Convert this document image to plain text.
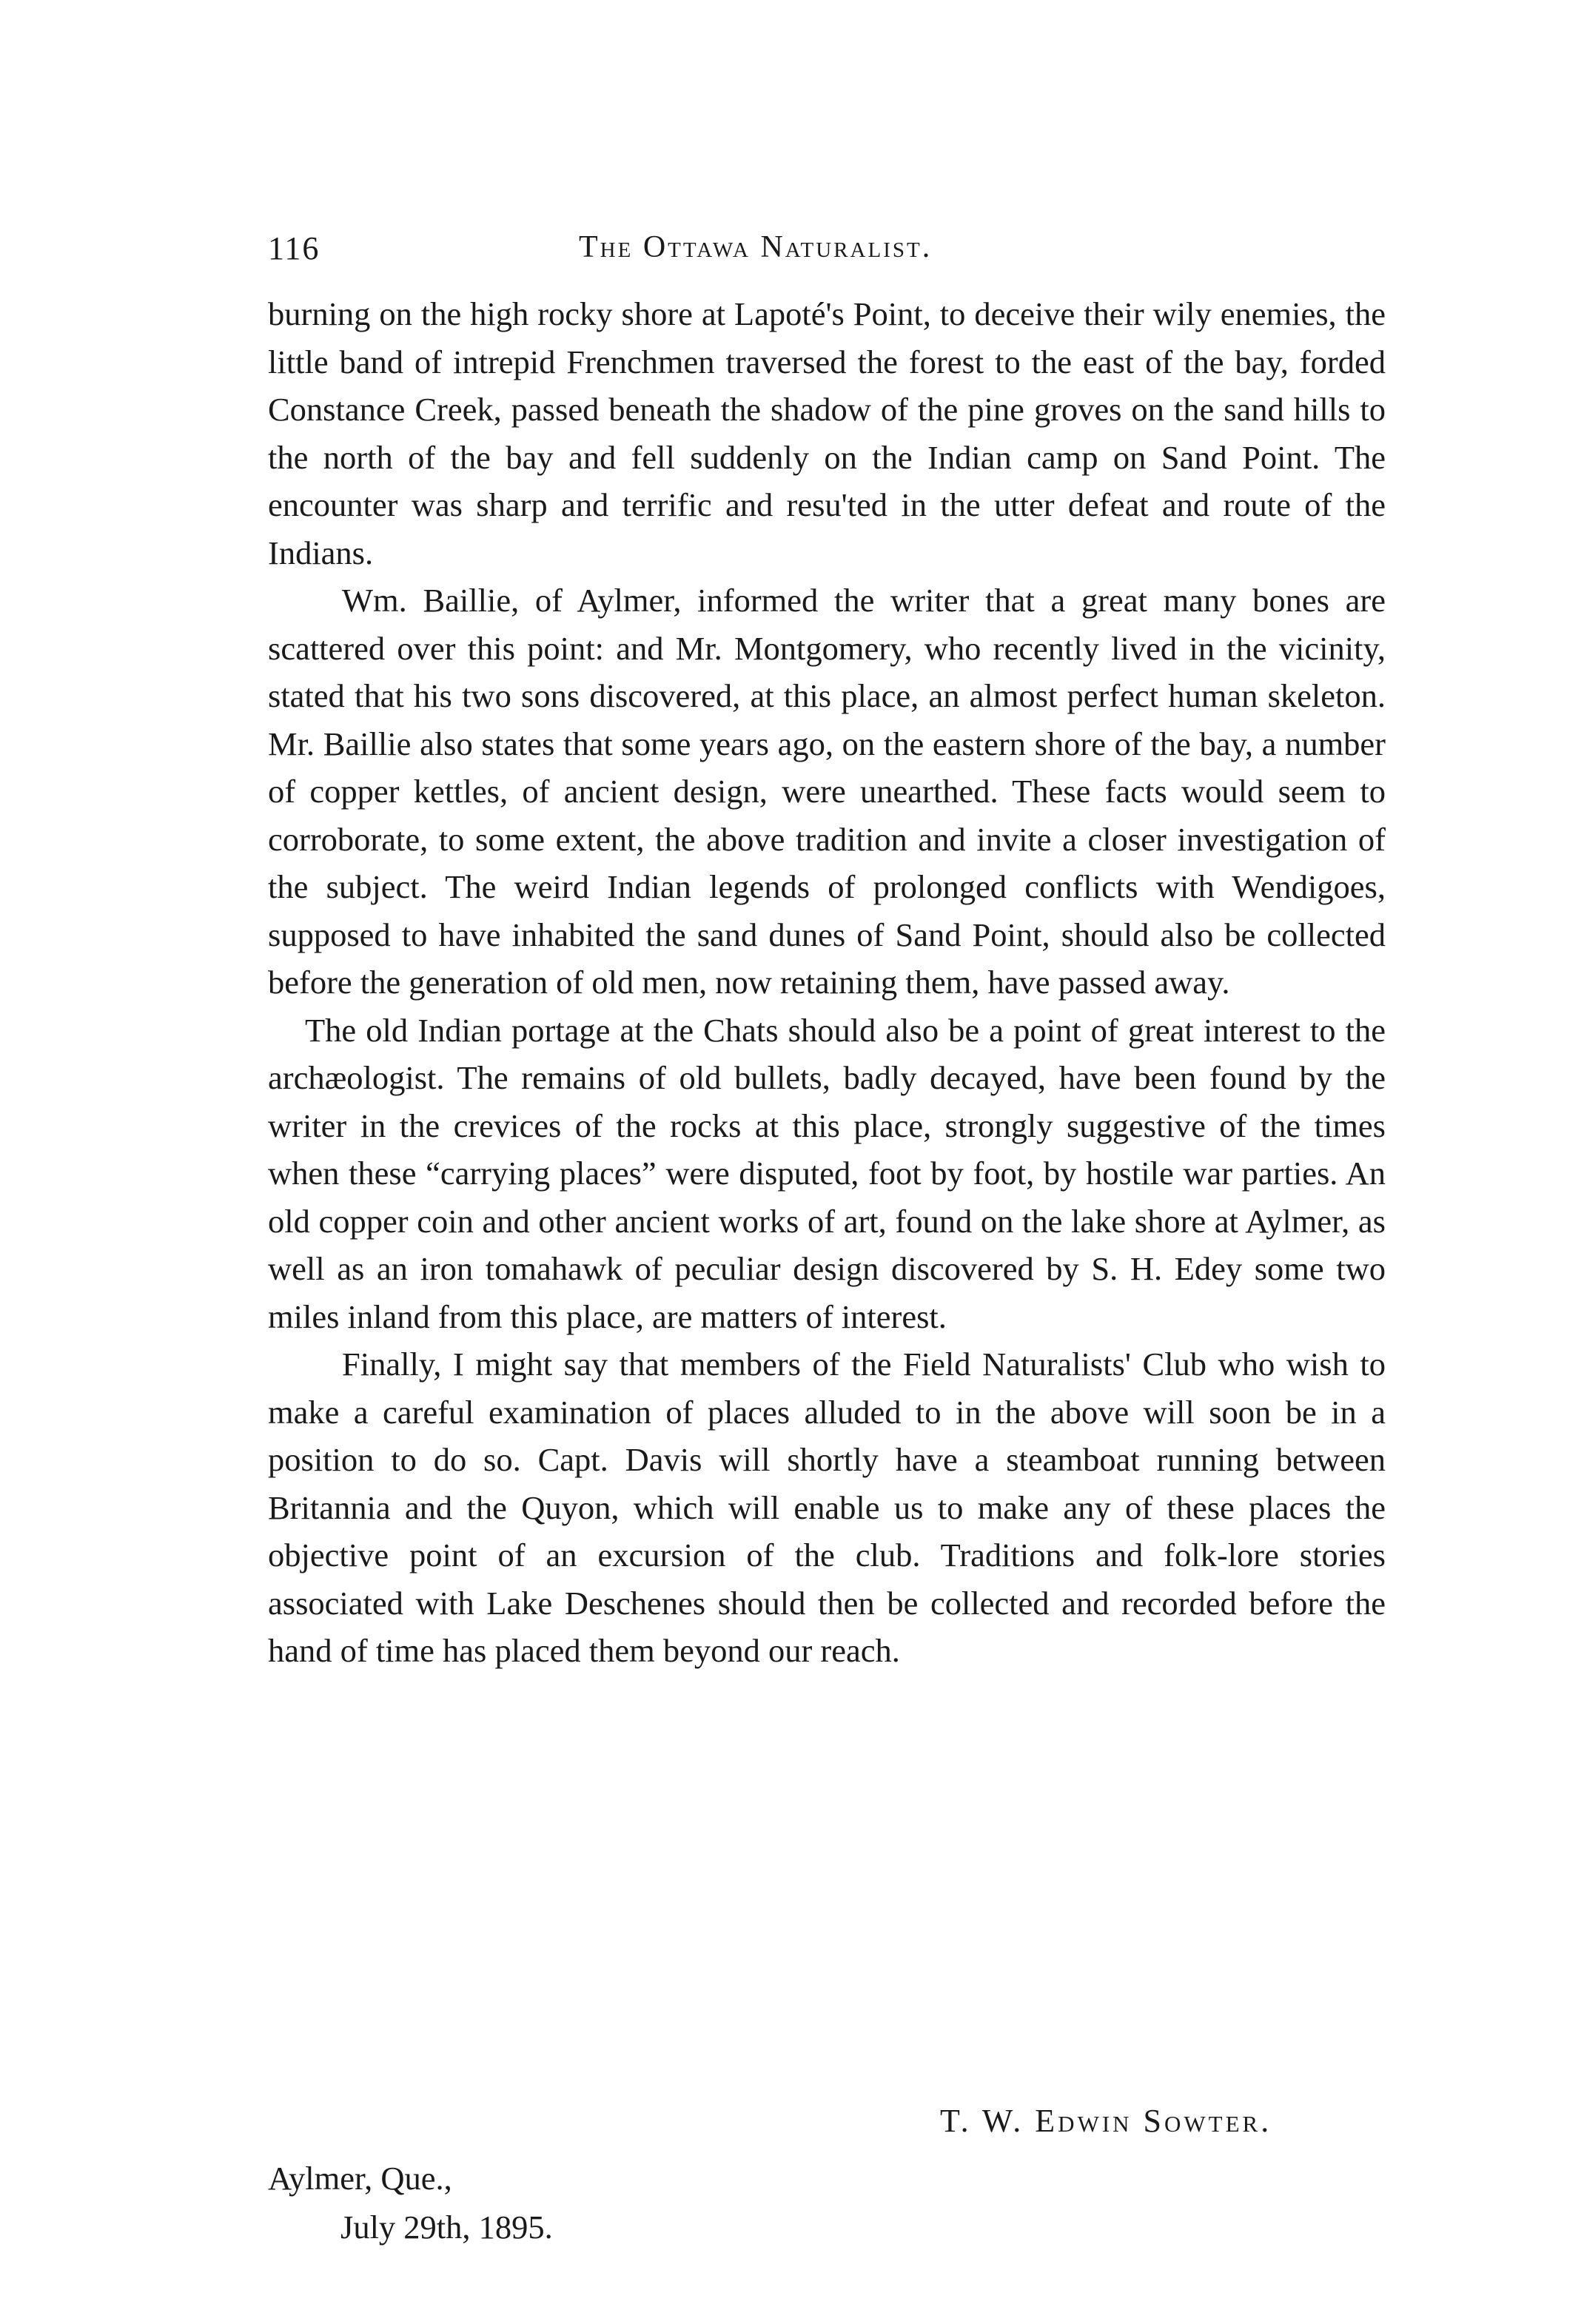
116	The Ottawa Naturalist.

burning on the high rocky shore at Lapoté's Point, to deceive their wily enemies, the little band of intrepid Frenchmen traversed the forest to the east of the bay, forded Constance Creek, passed beneath the shadow of the pine groves on the sand hills to the north of the bay and fell suddenly on the Indian camp on Sand Point. The encounter was sharp and terrific and resu'ted in the utter defeat and route of the Indians.

Wm. Baillie, of Aylmer, informed the writer that a great many bones are scattered over this point: and Mr. Montgomery, who recently lived in the vicinity, stated that his two sons discovered, at this place, an almost perfect human skeleton. Mr. Baillie also states that some years ago, on the eastern shore of the bay, a number of copper kettles, of ancient design, were unearthed. These facts would seem to corroborate, to some extent, the above tradition and invite a closer investigation of the subject. The weird Indian legends of prolonged conflicts with Wendigoes, supposed to have inhabited the sand dunes of Sand Point, should also be collected before the generation of old men, now retaining them, have passed away.

The old Indian portage at the Chats should also be a point of great interest to the archæologist. The remains of old bullets, badly decayed, have been found by the writer in the crevices of the rocks at this place, strongly suggestive of the times when these “carrying places” were disputed, foot by foot, by hostile war parties. An old copper coin and other ancient works of art, found on the lake shore at Aylmer, as well as an iron tomahawk of peculiar design discovered by S. H. Edey some two miles inland from this place, are matters of interest.

Finally, I might say that members of the Field Naturalists' Club who wish to make a careful examination of places alluded to in the above will soon be in a position to do so. Capt. Davis will shortly have a steamboat running between Britannia and the Quyon, which will enable us to make any of these places the objective point of an excursion of the club. Traditions and folk-lore stories associated with Lake Deschenes should then be collected and recorded before the hand of time has placed them beyond our reach.

T. W. Edwin Sowter.
Aylmer, Que.,
July 29th, 1895.
